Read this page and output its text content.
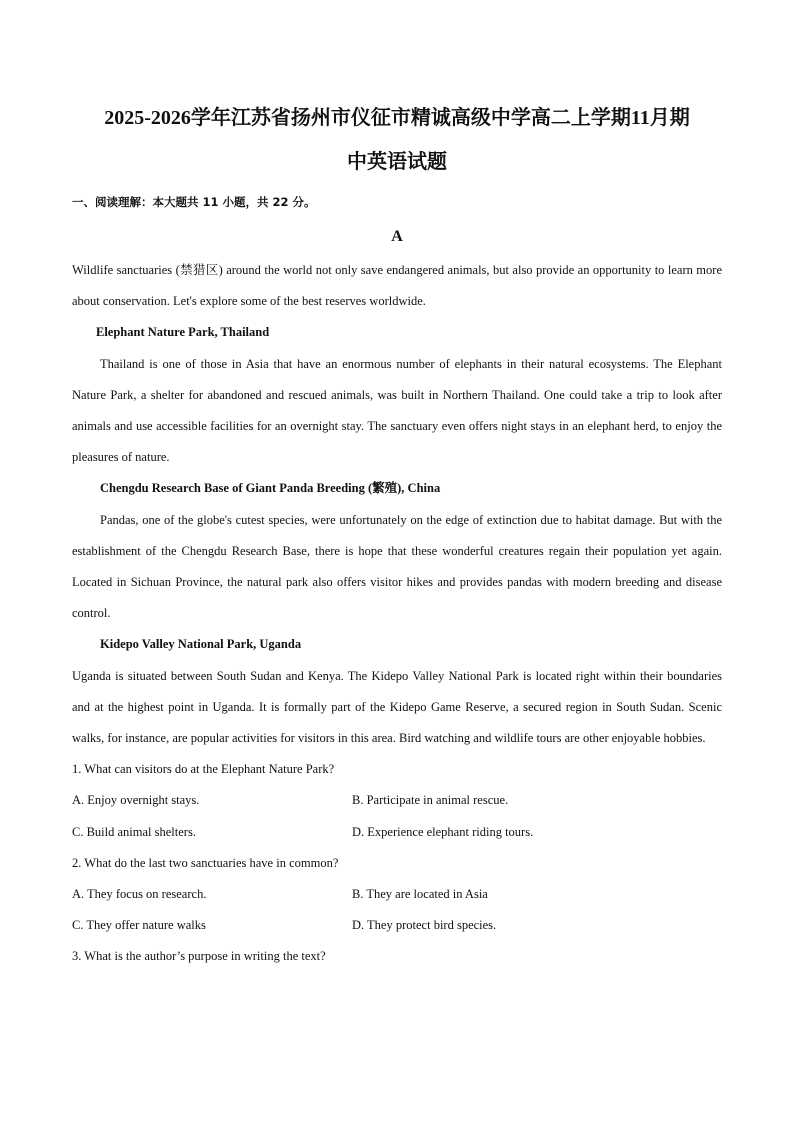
2025-2026学年江苏省扬州市仪征市精诚高级中学高二上学期11月期
中英语试题
一、阅读理解：本大题共 11 小题，共 22 分。
A

Wildlife sanctuaries (禁猎区) around the world not only save endangered animals, but also provide an opportunity to learn more about conservation. Let's explore some of the best reserves worldwide.

Elephant Nature Park, Thailand

Thailand is one of those in Asia that have an enormous number of elephants in their natural ecosystems. The Elephant Nature Park, a shelter for abandoned and rescued animals, was built in Northern Thailand. One could take a trip to look after animals and use accessible facilities for an overnight stay. The sanctuary even offers night stays in an elephant herd, to enjoy the pleasures of nature.

Chengdu Research Base of Giant Panda Breeding (繁殖), China

Pandas, one of the globe's cutest species, were unfortunately on the edge of extinction due to habitat damage. But with the establishment of the Chengdu Research Base, there is hope that these wonderful creatures regain their population yet again. Located in Sichuan Province, the natural park also offers visitor hikes and provides pandas with modern breeding and disease control.

Kidepo Valley National Park, Uganda

Uganda is situated between South Sudan and Kenya. The Kidepo Valley National Park is located right within their boundaries and at the highest point in Uganda. It is formally part of the Kidepo Game Reserve, a secured region in South Sudan. Scenic walks, for instance, are popular activities for visitors in this area. Bird watching and wildlife tours are other enjoyable hobbies.

1. What can visitors do at the Elephant Nature Park?
A. Enjoy overnight stays.	B. Participate in animal rescue.
C. Build animal shelters.	D. Experience elephant riding tours.
2. What do the last two sanctuaries have in common?
A. They focus on research.	B. They are located in Asia
C. They offer nature walks	D. They protect bird species.
3. What is the author’s purpose in writing the text?
